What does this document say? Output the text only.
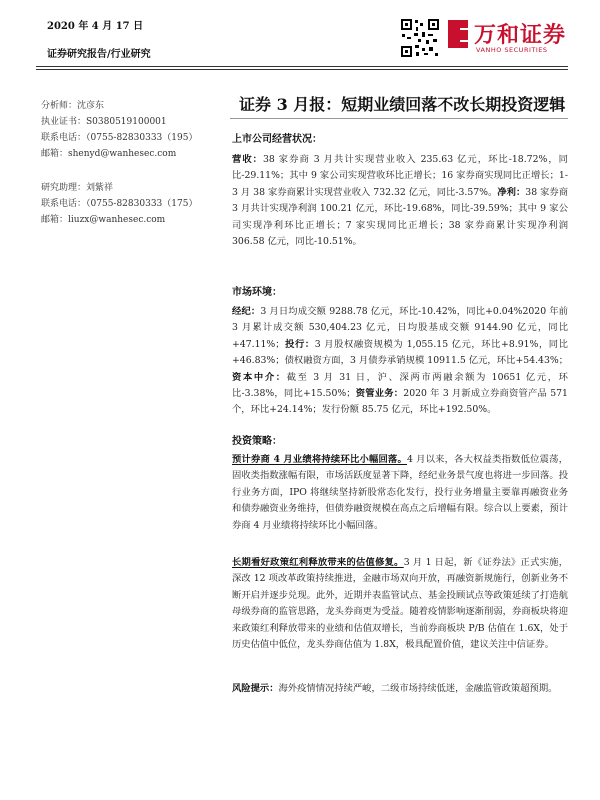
2020 年 4 月 17 日
证券研究报告/行业研究
万和证券
VANHO SECURITIES
分析师：沈彦东
执业证书：S0380519100001
联系电话：（0755-82830333（195）
邮箱：shenyd@wanhesec.com
研究助理：刘紫祥
联系电话：（0755-82830333（175）
邮箱：liuzx@wanhesec.com
证券 3 月报：短期业绩回落不改长期投资逻辑
上市公司经营状况：
营收：38 家券商 3 月共计实现营业收入 235.63 亿元，环比-18.72%，同比-29.11%；其中 9 家公司实现营收环比正增长；16 家券商实现同比正增长；1-3 月 38 家券商累计实现营业收入 732.32 亿元，同比-3.57%。净利：38 家券商 3 月共计实现净利润 100.21 亿元，环比-19.68%，同比-39.59%；其中 9 家公司实现净利环比正增长；7 家实现同比正增长；38 家券商累计实现净利润 306.58 亿元，同比-10.51%。
市场环境：
经纪：3 月日均成交额 9288.78 亿元，环比-10.42%，同比+0.04%2020 年前 3 月累计成交额 530,404.23 亿元，日均股基成交额 9144.90 亿元，同比+47.11%；投行：3 月股权融资规模为 1,055.15 亿元，环比+8.91%，同比+46.83%；债权融资方面，3 月债券承销规模 10911.5 亿元，环比+54.43%；资本中介：截至 3 月 31 日，沪、深两市两融余额为 10651 亿元，环比-3.38%，同比+15.50%；资管业务：2020 年 3 月新成立券商资管产品 571 个，环比+24.14%；发行份额 85.75 亿元，环比+192.50%。
投资策略：
预计券商 4 月业绩将持续环比小幅回落。4 月以来，各大权益类指数低位震荡，固收类指数涨幅有限，市场活跃度显著下降，经纪业务景气度也将进一步回落。投行业务方面，IPO 将继续坚持新股常态化发行，投行业务增量主要靠再融资业务和债券融资业务维持，但债券融资规模在高点之后增幅有限。综合以上要素，预计券商 4 月业绩将持续环比小幅回落。
长期看好政策红利释放带来的估值修复。3 月 1 日起，新《证券法》正式实施，深改 12 项改革政策持续推进，金融市场双向开放，再融资新规施行，创新业务不断开启并逐步兑现。此外，近期并表监管试点、基金投顾试点等政策延续了打造航母级券商的监管思路，龙头券商更为受益。随着疫情影响逐渐削弱，券商板块将迎来政策红利释放带来的业绩和估值双增长，当前券商板块 P/B 估值在 1.6X，处于历史估值中低位，龙头券商估值为 1.8X，极具配置价值，建议关注中信证券。
风险提示：海外疫情情况持续严峻，二级市场持续低迷，金融监管政策超预期。
